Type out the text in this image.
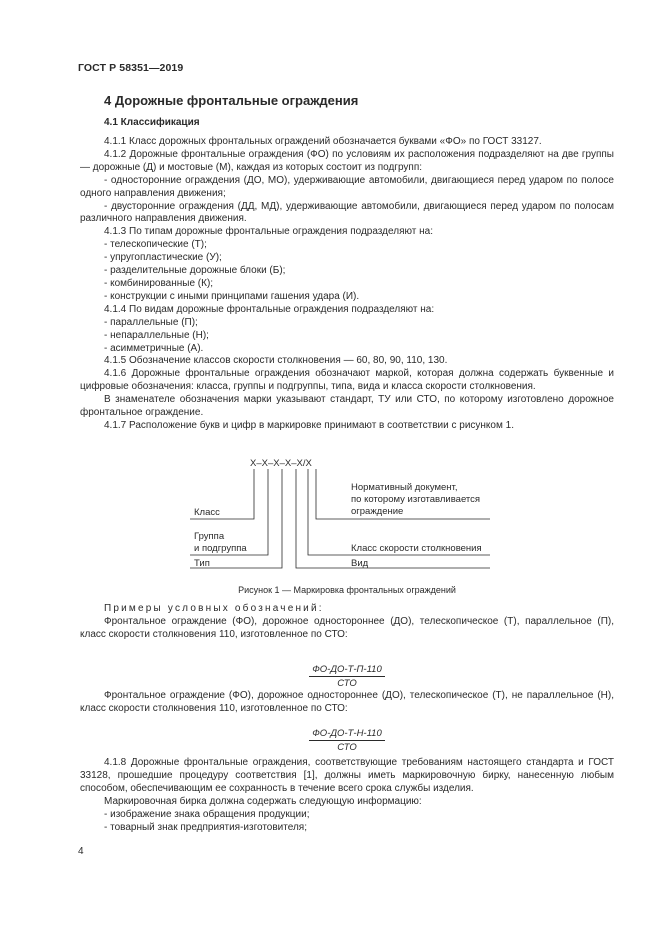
ГОСТ Р 58351—2019
4 Дорожные фронтальные ограждения
4.1 Классификация

4.1.1 Класс дорожных фронтальных ограждений обозначается буквами «ФО» по ГОСТ 33127.

4.1.2 Дорожные фронтальные ограждения (ФО) по условиям их расположения подразделяют на две группы — дорожные (Д) и мостовые (М), каждая из которых состоит из подгрупп:

- односторонние ограждения (ДО, МО), удерживающие автомобили, двигающиеся перед ударом по полосе одного направления движения;

- двусторонние ограждения (ДД, МД), удерживающие автомобили, двигающиеся перед ударом по полосам различного направления движения.

4.1.3 По типам дорожные фронтальные ограждения подразделяют на:

- телескопические (Т);

- упругопластические (У);

- разделительные дорожные блоки (Б);

- комбинированные (К);

- конструкции с иными принципами гашения удара (И).

4.1.4 По видам дорожные фронтальные ограждения подразделяют на:

- параллельные (П);

- непараллельные (Н);

- асимметричные (А).

4.1.5 Обозначение классов скорости столкновения — 60, 80, 90, 110, 130.

4.1.6 Дорожные фронтальные ограждения обозначают маркой, которая должна содержать буквенные и цифровые обозначения: класса, группы и подгруппы, типа, вида и класса скорости столкновения.

В знаменателе обозначения марки указывают стандарт, ТУ или СТО, по которому изготовлено дорожное фронтальное ограждение.

4.1.7 Расположение букв и цифр в маркировке принимают в соответствии с рисунком 1.

X–X–X–X–X/X
Класс
Группа
и подгруппа
Тип
Нормативный документ,
по которому изготавливается
ограждение
Класс скорости столкновения
Вид
Рисунок 1 — Маркировка фронтальных ограждений

Примеры условных обозначений:

Фронтальное ограждение (ФО), дорожное одностороннее (ДО), телескопическое (Т), параллельное (П), класс скорости столкновения 110, изготовленное по СТО:

ФО-ДО-Т-П-110
СТО

Фронтальное ограждение (ФО), дорожное одностороннее (ДО), телескопическое (Т), не параллельное (Н), класс скорости столкновения 110, изготовленное по СТО:

ФО-ДО-Т-Н-110
СТО

4.1.8 Дорожные фронтальные ограждения, соответствующие требованиям настоящего стандарта и ГОСТ 33128, прошедшие процедуру соответствия [1], должны иметь маркировочную бирку, нанесенную любым способом, обеспечивающим ее сохранность в течение всего срока службы изделия.

Маркировочная бирка должна содержать следующую информацию:

- изображение знака обращения продукции;

- товарный знак предприятия-изготовителя;

4
